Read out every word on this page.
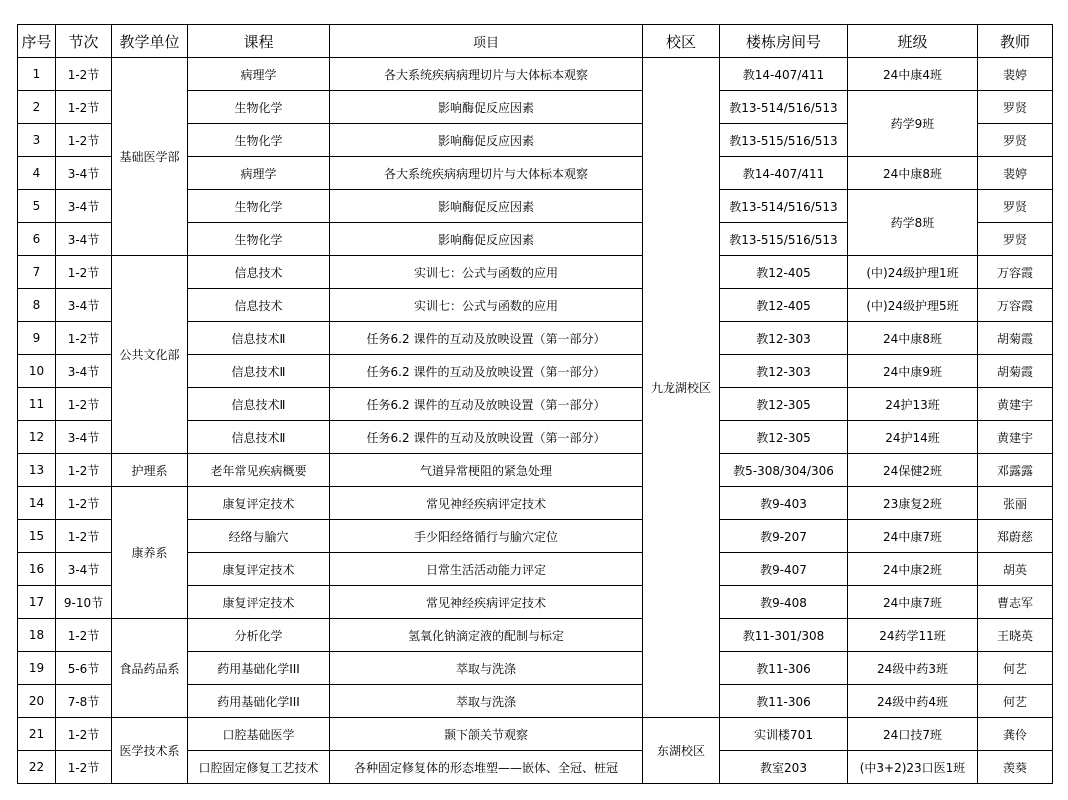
序号	节次	教学单位	课程	项目	校区	楼栋房间号	班级	教师
1	1-2节	基础医学部	病理学	各大系统疾病病理切片与大体标本观察	九龙湖校区	教14-407/411	24中康4班	裴婷
2	1-2节		生物化学	影响酶促反应因素		教13-514/516/513	药学9班	罗贤
3	1-2节		生物化学	影响酶促反应因素		教13-515/516/513		罗贤
4	3-4节		病理学	各大系统疾病病理切片与大体标本观察		教14-407/411	24中康8班	裴婷
5	3-4节		生物化学	影响酶促反应因素		教13-514/516/513	药学8班	罗贤
6	3-4节		生物化学	影响酶促反应因素		教13-515/516/513		罗贤
7	1-2节	公共文化部	信息技术	实训七：公式与函数的应用		教12-405	(中)24级护理1班	万容霞
8	3-4节		信息技术	实训七：公式与函数的应用		教12-405	(中)24级护理5班	万容霞
9	1-2节		信息技术Ⅱ	任务6.2 课件的互动及放映设置（第一部分）		教12-303	24中康8班	胡菊霞
10	3-4节		信息技术Ⅱ	任务6.2 课件的互动及放映设置（第一部分）		教12-303	24中康9班	胡菊霞
11	1-2节		信息技术Ⅱ	任务6.2 课件的互动及放映设置（第一部分）		教12-305	24护13班	黄建宇
12	3-4节		信息技术Ⅱ	任务6.2 课件的互动及放映设置（第一部分）		教12-305	24护14班	黄建宇
13	1-2节	护理系	老年常见疾病概要	气道异常梗阻的紧急处理		教5-308/304/306	24保健2班	邓露露
14	1-2节	康养系	康复评定技术	常见神经疾病评定技术		教9-403	23康复2班	张丽
15	1-2节		经络与腧穴	手少阳经络循行与腧穴定位		教9-207	24中康7班	郑蔚慈
16	3-4节		康复评定技术	日常生活活动能力评定		教9-407	24中康2班	胡英
17	9-10节		康复评定技术	常见神经疾病评定技术		教9-408	24中康7班	曹志军
18	1-2节	食品药品系	分析化学	氢氧化钠滴定液的配制与标定		教11-301/308	24药学11班	王晓英
19	5-6节		药用基础化学III	萃取与洗涤		教11-306	24级中药3班	何艺
20	7-8节		药用基础化学III	萃取与洗涤		教11-306	24级中药4班	何艺
21	1-2节	医学技术系	口腔基础医学	颞下颌关节观察	东湖校区	实训楼701	24口技7班	龚伶
22	1-2节		口腔固定修复工艺技术	各种固定修复体的形态堆塑——嵌体、全冠、桩冠		教室203	(中3+2)23口医1班	羡葵
